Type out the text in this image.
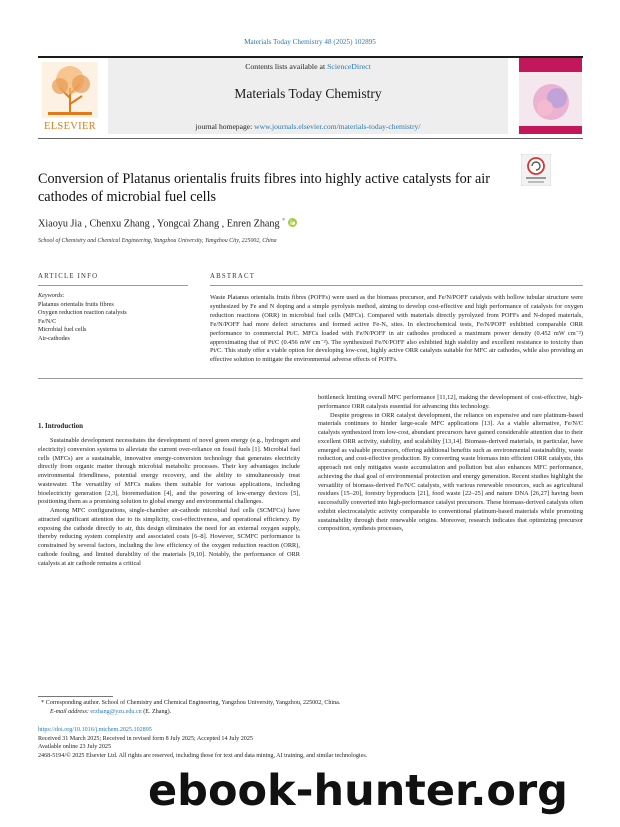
Materials Today Chemistry 48 (2025) 102895
ELSEVIER
Contents lists available at ScienceDirect
Materials Today Chemistry
journal homepage: www.journals.elsevier.com/materials-today-chemistry/
Conversion of Platanus orientalis fruits fibres into highly active catalysts for air cathodes of microbial fuel cells
Xiaoyu Jia , Chenxu Zhang , Yongcai Zhang , Enren Zhang *
School of Chemistry and Chemical Engineering, Yangzhou University, Yangzhou City, 225002, China
ARTICLE INFO	ABSTRACT
Keywords:
Platanus orientalis fruits fibres
Oxygen reduction reaction catalysts
Fe/N/C
Microbial fuel cells
Air-cathodes
Waste Platanus orientalis fruits fibres (POFFs) were used as the biomass precursor, and Fe/N/POFF catalysts with hollow tubular structure were synthesized by Fe and N doping and a simple pyrolysis method, aiming to develop cost-effective and high performance of catalysis for oxygen reduction reactions (ORR) in microbial fuel cells (MFCs). Compared with materials directly pyrolyzed from POFFs and N-doped materials, Fe/N/POFF had more defect structures and formed active Fe-Nₓ sites. In electrochemical tests, Fe/N/POFF exhibited comparable ORR performance to commercial Pt/C. MFCs loaded with Fe/N/POFF in air cathodes produced a maximum power density (0.452 mW cm⁻²) approximating that of Pt/C (0.456 mW cm⁻²). The synthesized Fe/N/POFF also exhibited high stability and excellent resistance to toxicity than Pt/C. This study offer a viable option for developing low-cost, highly active ORR catalysts suitable for MFC air cathodes, while also providing an effective solution to mitigate the environmental adverse effects of POFFs.
1. Introduction

Sustainable development necessitates the development of novel green energy (e.g., hydrogen and electricity) conversion systems to alleviate the current over-reliance on fossil fuels [1]. Microbial fuel cells (MFCs) are a sustainable, innovative energy-conversion technology that generates electricity directly from organic matter through microbial metabolic processes. Their key advantages include environmental friendliness, potential energy recovery, and the ability to simultaneously treat wastewater. The versatility of MFCs makes them suitable for various applications, including bioelectricity generation [2,3], bioremediation [4], and the powering of low-energy devices [5], positioning them as a promising solution to global energy and environmental challenges.

Among MFC configurations, single-chamber air-cathode microbial fuel cells (SCMFCs) have attracted significant attention due to its simplicity, cost-effectiveness, and operational efficiency. By exposing the cathode directly to air, this design eliminates the need for an external oxygen supply, thereby reducing system complexity and associated costs [6–8]. However, SCMFC performance is constrained by several factors, including the low efficiency of the oxygen reduction reaction (ORR), cathode fouling, and limited durability of the materials [9,10]. Notably, the performance of ORR catalysts at air cathode remains a critical

bottleneck limiting overall MFC performance [11,12], making the development of cost-effective, high-performance ORR catalysts essential for advancing this technology.

Despite progress in ORR catalyst development, the reliance on expensive and rare platinum-based materials continues to hinder large-scale MFC applications [13]. As a viable alternative, Fe/N/C catalysts synthesized from low-cost, abundant precursors have gained considerable attention due to their excellent ORR activity, stability, and scalability [13,14]. Biomass-derived materials, in particular, have emerged as valuable precursors, offering additional benefits such as environmental sustainability, waste reduction, and cost-effective production. By converting waste biomass into efficient ORR catalysts, this approach not only mitigates waste accumulation and pollution but also enhances MFC performance, achieving the dual goal of environmental protection and energy generation. Recent studies highlight the versatility of biomass-derived Fe/N/C catalysts, with various renewable resources, such as agricultural residues [15–20], forestry byproducts [21], food waste [22–25] and nature DNA [26,27] having been successfully converted into high-performance catalyst precursors. These biomass-derived catalysts often exhibit electrocatalytic activity comparable to conventional platinum-based materials while promoting sustainability through their renewable origins. Moreover, research indicates that optimizing precursor composition, synthesis processes,

* Corresponding author. School of Chemistry and Chemical Engineering, Yangzhou University, Yangzhou, 225002, China.
E-mail address: erzhang@yzu.edu.cn (E. Zhang).
https://doi.org/10.1016/j.mtchem.2025.102895
Received 31 March 2025; Received in revised form 8 July 2025; Accepted 14 July 2025
Available online 23 July 2025
2468-5194/© 2025 Elsevier Ltd. All rights are reserved, including those for text and data mining, AI training, and similar technologies.
ebook-hunter.org
